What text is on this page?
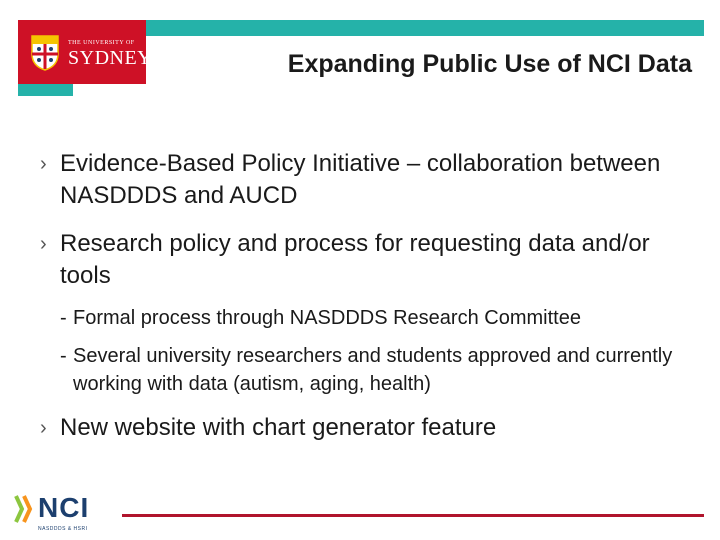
Expanding Public Use of NCI Data
THE UNIVERSITY OF
SYDNEY
› Evidence-Based Policy Initiative – collaboration between NASDDDS and AUCD
› Research policy and process for requesting data and/or tools
- Formal process through NASDDDS Research Committee
- Several university researchers and students approved and currently working with data (autism, aging, health)
› New website with chart generator feature
NCI
NASDDDS & HSRI
